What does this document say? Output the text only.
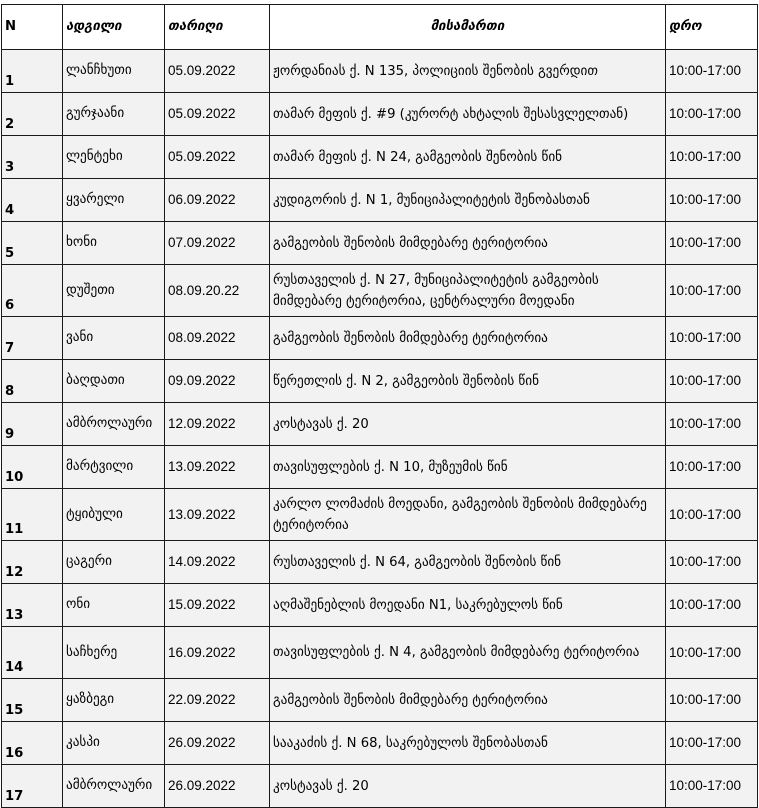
N	ადგილი	თარიღი	მისამართი	დრო
1	ლანჩხუთი	05.09.2022	ჟორდანიას ქ. N 135, პოლიციის შენობის გვერდით	10:00-17:00
2	გურჯაანი	05.09.2022	თამარ მეფის ქ. #9 (კურორტ ახტალის შესასვლელთან)	10:00-17:00
3	ლენტეხი	05.09.2022	თამარ მეფის ქ. N 24, გამგეობის შენობის წინ	10:00-17:00
4	ყვარელი	06.09.2022	კუდიგორის ქ. N 1, მუნიციპალიტეტის შენობასთან	10:00-17:00
5	ხონი	07.09.2022	გამგეობის შენობის მიმდებარე ტერიტორია	10:00-17:00
6	დუშეთი	08.09.20.22	რუსთაველის ქ. N 27, მუნიციპალიტეტის გამგეობის მიმდებარე ტერიტორია, ცენტრალური მოედანი	10:00-17:00
7	ვანი	08.09.2022	გამგეობის შენობის მიმდებარე ტერიტორია	10:00-17:00
8	ბაღდათი	09.09.2022	წერეთლის ქ. N 2, გამგეობის შენობის წინ	10:00-17:00
9	ამბროლაური	12.09.2022	კოსტავას ქ. 20	10:00-17:00
10	მარტვილი	13.09.2022	თავისუფლების ქ. N 10, მუზეუმის წინ	10:00-17:00
11	ტყიბული	13.09.2022	კარლო ლომაძის მოედანი, გამგეობის შენობის მიმდებარე ტერიტორია	10:00-17:00
12	ცაგერი	14.09.2022	რუსთაველის ქ. N 64, გამგეობის შენობის წინ	10:00-17:00
13	ონი	15.09.2022	აღმაშენებლის მოედანი N1, საკრებულოს წინ	10:00-17:00
14	საჩხერე	16.09.2022	თავისუფლების ქ. N 4, გამგეობის მიმდებარე ტერიტორია	10:00-17:00
15	ყაზბეგი	22.09.2022	გამგეობის შენობის მიმდებარე ტერიტორია	10:00-17:00
16	კასპი	26.09.2022	სააკაძის ქ. N 68, საკრებულოს შენობასთან	10:00-17:00
17	ამბროლაური	26.09.2022	კოსტავას ქ. 20	10:00-17:00
